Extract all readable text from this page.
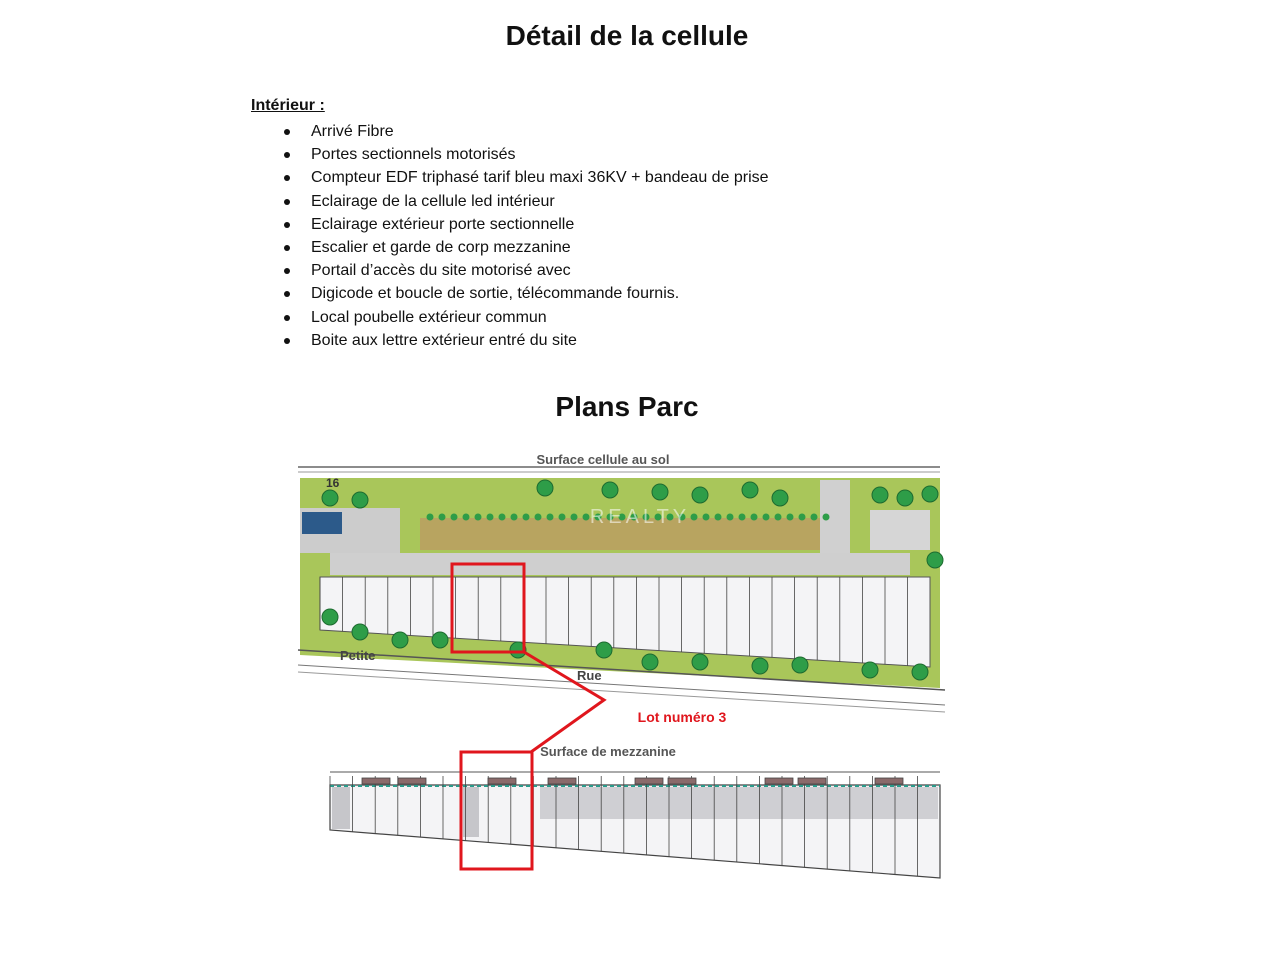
Détail de la cellule
Intérieur :
Arrivé Fibre
Portes sectionnels motorisés
Compteur EDF triphasé tarif bleu maxi 36KV + bandeau de prise
Eclairage de la cellule led intérieur
Eclairage extérieur porte sectionnelle
Escalier et garde de corp mezzanine
Portail d’accès du site motorisé avec
Digicode et boucle de sortie, télécommande fournis.
Local poubelle extérieur commun
Boite aux lettre extérieur entré du site
Plans Parc
16
Petite
Rue
REALTY
Surface cellule au sol
Surface de mezzanine
Lot numéro 3
